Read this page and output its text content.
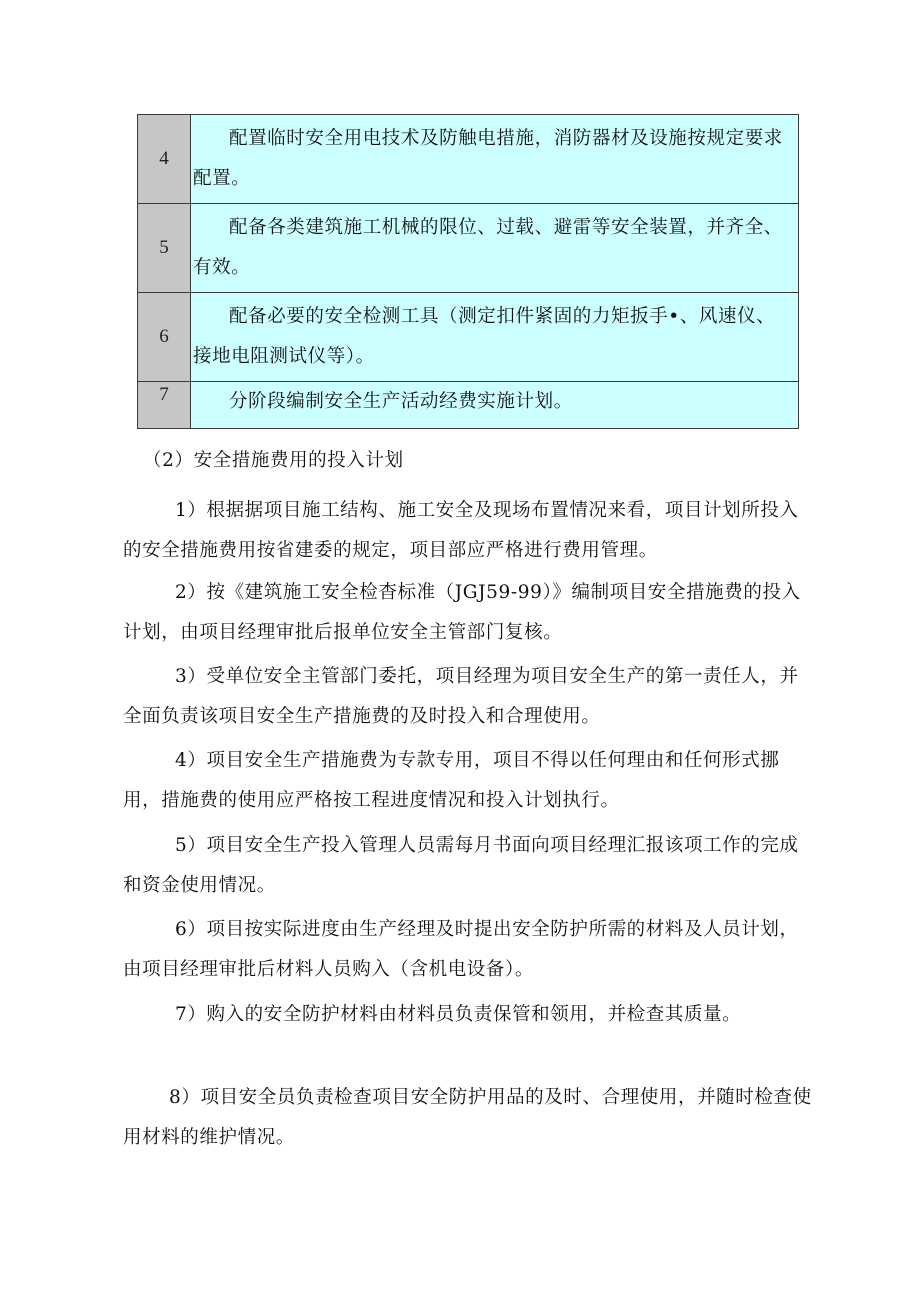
4	配置临时安全用电技术及防触电措施，消防器材及设施按规定要求配置。
5	配备各类建筑施工机械的限位、过载、避雷等安全装置，并齐全、有效。
6	配备必要的安全检测工具（测定扣件紧固的力矩扳手•、风速仪、接地电阻测试仪等）。
7	分阶段编制安全生产活动经费实施计划。

（2）安全措施费用的投入计划

1）根据据项目施工结构、施工安全及现场布置情况来看，项目计划所投入的安全措施费用按省建委的规定，项目部应严格进行费用管理。

2）按《建筑施工安全检杳标准（JGJ59-99）》编制项目安全措施费的投入计划，由项目经理审批后报单位安全主管部门复核。

3）受单位安全主管部门委托，项目经理为项目安全生产的第一责任人，并全面负责该项目安全生产措施费的及时投入和合理使用。

4）项目安全生产措施费为专款专用，项目不得以任何理由和任何形式挪用，措施费的使用应严格按工程进度情况和投入计划执行。

5）项目安全生产投入管理人员需每月书面向项目经理汇报该项工作的完成和资金使用情况。

6）项目按实际进度由生产经理及时提出安全防护所需的材料及人员计划，由项目经理审批后材料人员购入（含机电设备）。

7）购入的安全防护材料由材料员负责保管和领用，并检查其质量。

8）项目安全员负责检查项目安全防护用品的及时、合理使用，并随时检查使用材料的维护情况。
